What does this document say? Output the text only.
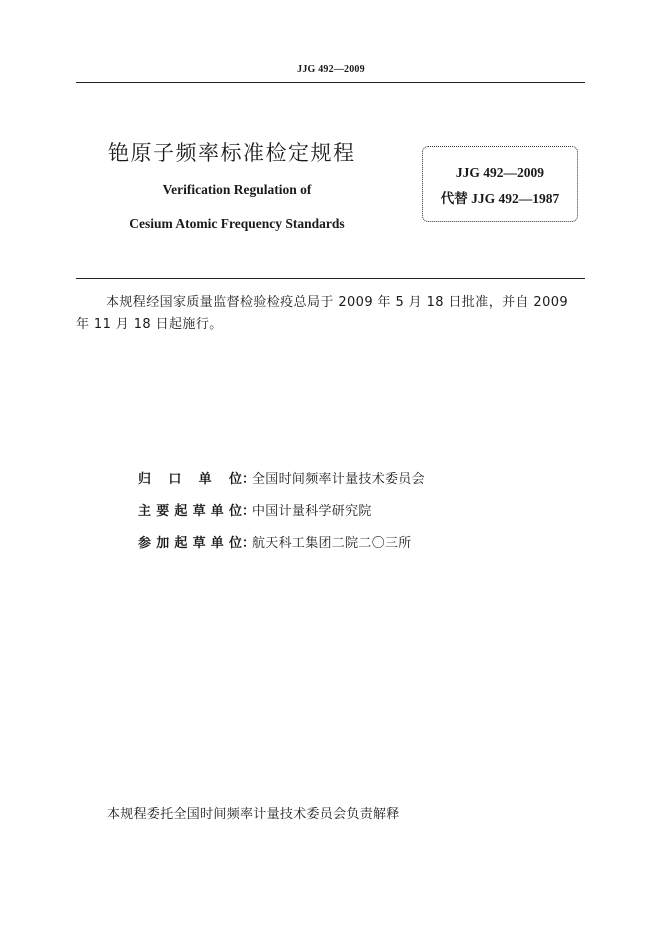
JJG 492—2009
铯原子频率标准检定规程
Verification Regulation of
Cesium Atomic Frequency Standards
JJG 492—2009
代替 JJG 492—1987
本规程经国家质量监督检验检疫总局于 2009 年 5 月 18 日批准，并自 2009 年 11 月 18 日起施行。
归口单位 ：
全国时间频率计量技术委员会
主要起草单位 ：
中国计量科学研究院
参加起草单位 ：
航天科工集团二院二〇三所
本规程委托全国时间频率计量技术委员会负责解释
